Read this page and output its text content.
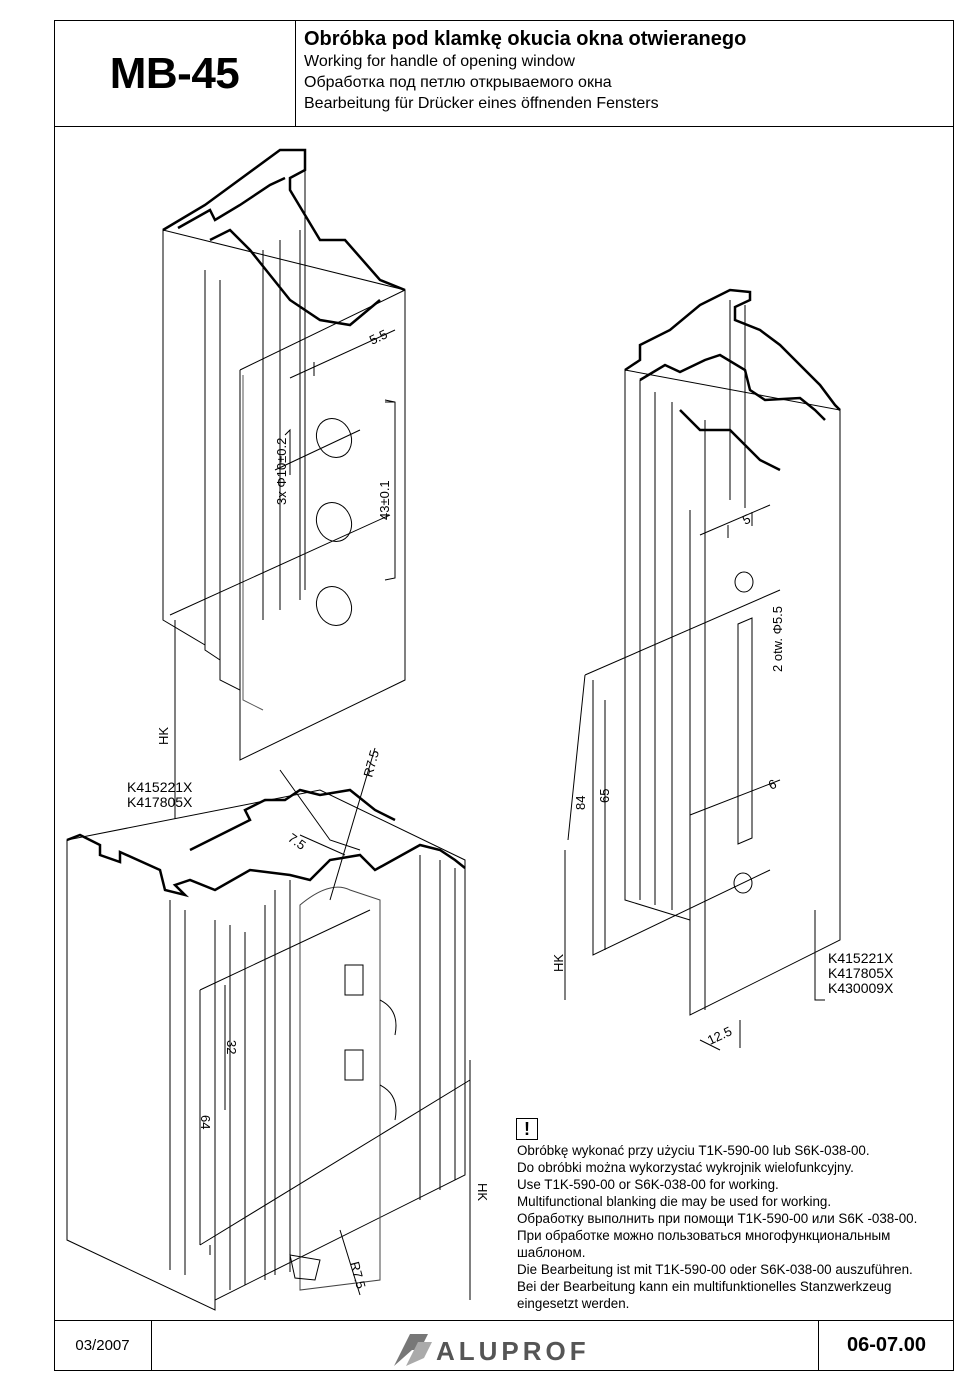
MB-45
Obróbka pod klamkę okucia okna otwieranego
Working for handle of opening window
Обработка под петлю открываемого окна
Bearbeitung für Drücker eines öffnenden Fensters
5.5
3x Φ10±0.2	43±0.1
HK
R7.5
7.5
32
64
R7.5
HK
5
2 otw. Φ5.5
84 65
6
HK
12.5
K415221X
K417805X
K415221X
K417805X
K430009X
!
Obróbkę wykonać przy użyciu T1K-590-00 lub S6K-038-00.
Do obróbki można wykorzystać wykrojnik wielofunkcyjny.
Use T1K-590-00 or S6K-038-00 for working.
Multifunctional blanking die may be used for working.
Обработку выполнить при помощи T1K-590-00 или S6K -038-00.
При обработке можно пользоваться многофункциональным
шаблоном.
Die Bearbeitung ist mit T1K-590-00 oder S6K-038-00 auszuführen.
Bei der Bearbeitung kann ein multifunktionelles Stanzwerkzeug
eingesetzt werden.
03/2007	ALUPROF	06-07.00
